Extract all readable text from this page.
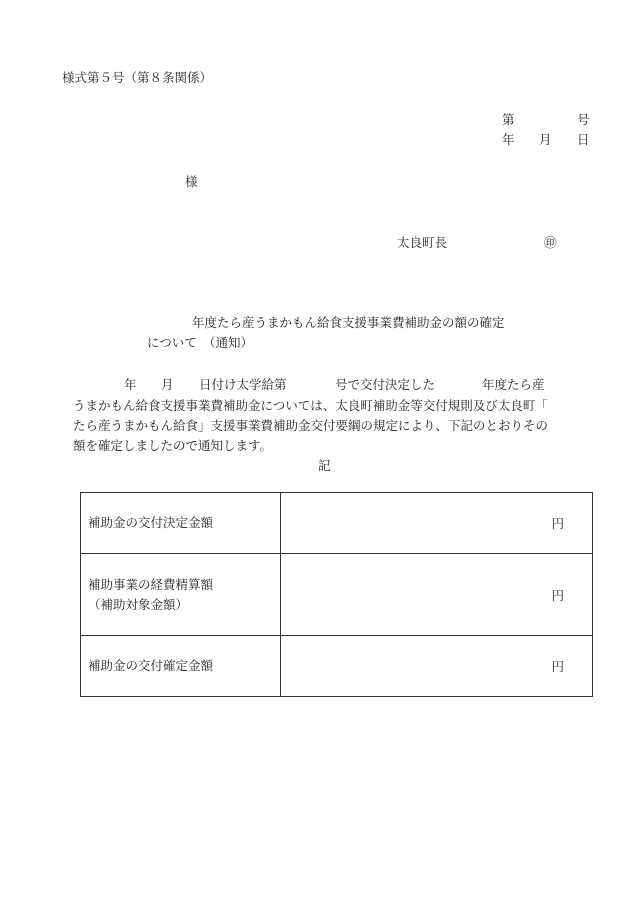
様式第５号（第８条関係）
第	号
年 月 日
様
太良町長	㊞
年度たら産うまかもん給食支援事業費補助金の額の確定
について　（通知）
年 月 日付け太学給第	号で交付決定した	年度たら産
うまかもん給食支援事業費補助金については、太良町補助金等交付規則及び太良町「
たら産うまかもん給食」支援事業費補助金交付要綱の規定により、下記のとおりその
額を確定しましたので通知します。
記
補助金の交付決定金額	円

補助事業の経費精算額
（補助対象金額）	円
補助金の交付確定金額	円
